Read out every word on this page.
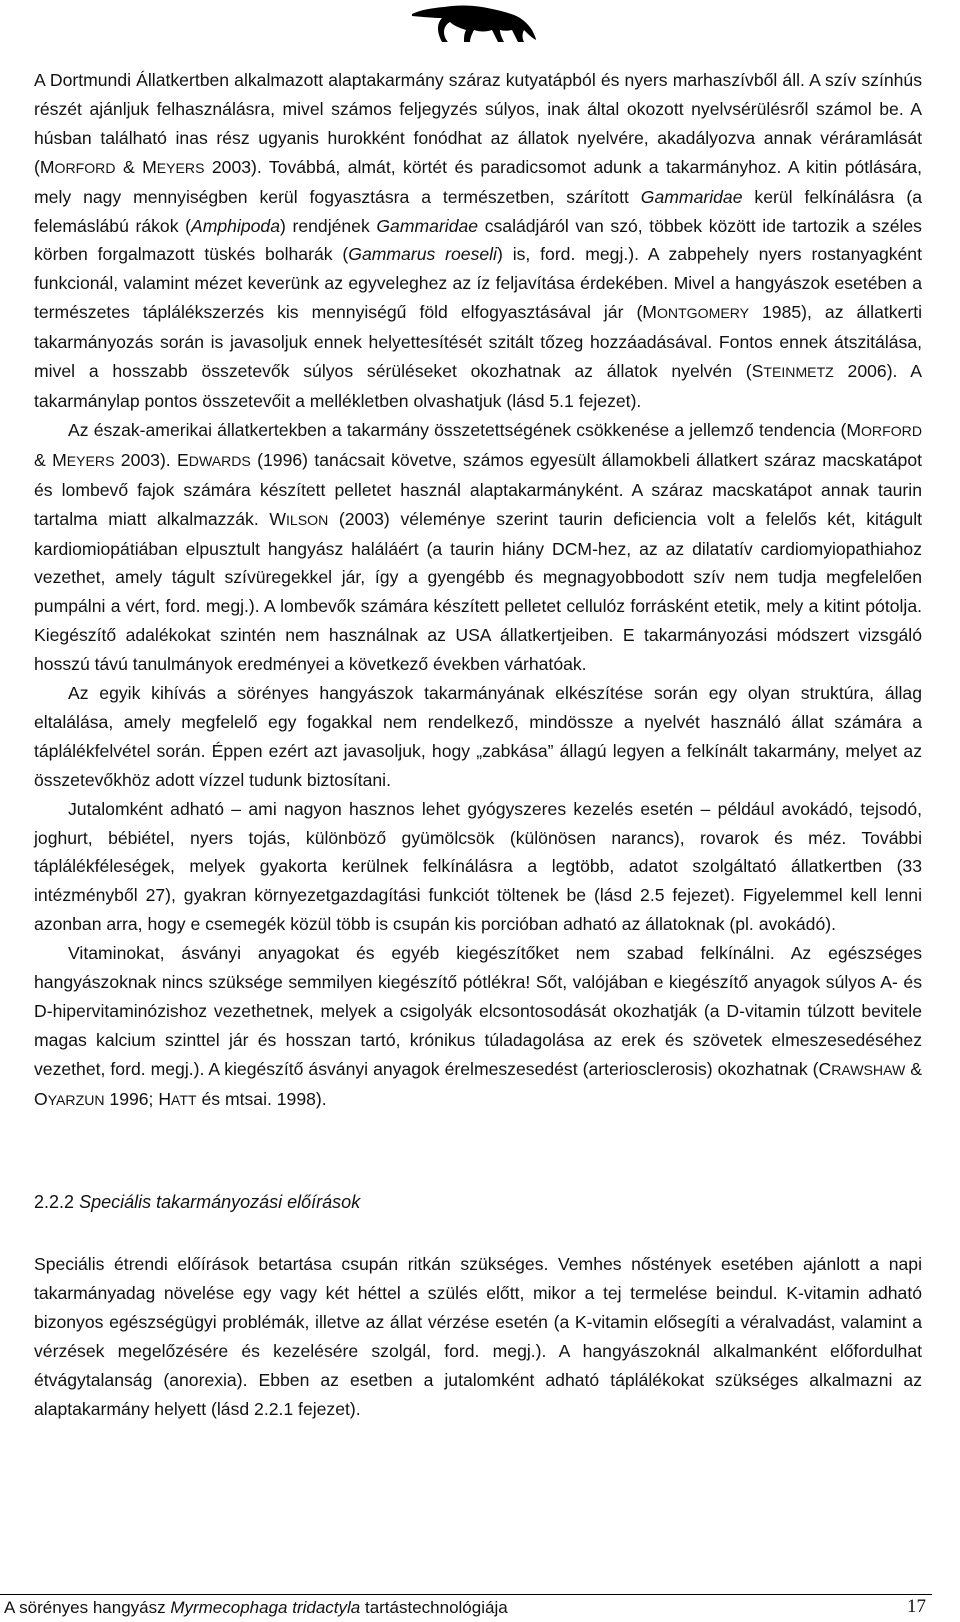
A Dortmundi Állatkertben alkalmazott alaptakarmány száraz kutyatápból és nyers marhaszívből áll. A szív színhús részét ajánljuk felhasználásra, mivel számos feljegyzés súlyos, inak által okozott nyelvsérülésről számol be. A húsban található inas rész ugyanis hurokként fonódhat az állatok nyelvére, akadályozva annak véráramlását (MORFORD & MEYERS 2003). Továbbá, almát, körtét és paradicsomot adunk a takarmányhoz. A kitin pótlására, mely nagy mennyiségben kerül fogyasztásra a természetben, szárított Gammaridae kerül felkínálásra (a felemáslábú rákok (Amphipoda) rendjének Gammaridae családjáról van szó, többek között ide tartozik a széles körben forgalmazott tüskés bolharák (Gammarus roeseli) is, ford. megj.). A zabpehely nyers rostanyagként funkcionál, valamint mézet keverünk az egyveleghez az íz feljavítása érdekében. Mivel a hangyászok esetében a természetes táplálékszerzés kis mennyiségű föld elfogyasztásával jár (MONTGOMERY 1985), az állatkerti takarmányozás során is javasoljuk ennek helyettesítését szitált tőzeg hozzáadásával. Fontos ennek átszitálása, mivel a hosszabb összetevők súlyos sérüléseket okozhatnak az állatok nyelvén (STEINMETZ 2006). A takarmánylap pontos összetevőit a mellékletben olvashatjuk (lásd 5.1 fejezet).

Az észak-amerikai állatkertekben a takarmány összetettségének csökkenése a jellemző tendencia (MORFORD & MEYERS 2003). EDWARDS (1996) tanácsait követve, számos egyesült államokbeli állatkert száraz macskatápot és lombevő fajok számára készített pelletet használ alaptakarmányként. A száraz macskatápot annak taurin tartalma miatt alkalmazzák. WILSON (2003) véleménye szerint taurin deficiencia volt a felelős két, kitágult kardiomiopátiában elpusztult hangyász haláláért (a taurin hiány DCM-hez, az az dilatatív cardiomyiopathiahoz vezethet, amely tágult szívüregekkel jár, így a gyengébb és megnagyobbodott szív nem tudja megfelelően pumpálni a vért, ford. megj.). A lombevők számára készített pelletet cellulóz forrásként etetik, mely a kitint pótolja. Kiegészítő adalékokat szintén nem használnak az USA állatkertjeiben. E takarmányozási módszert vizsgáló hosszú távú tanulmányok eredményei a következő években várhatóak.

Az egyik kihívás a sörényes hangyászok takarmányának elkészítése során egy olyan struktúra, állag eltalálása, amely megfelelő egy fogakkal nem rendelkező, mindössze a nyelvét használó állat számára a táplálékfelvétel során. Éppen ezért azt javasoljuk, hogy „zabkása” állagú legyen a felkínált takarmány, melyet az összetevőkhöz adott vízzel tudunk biztosítani.

Jutalomként adható – ami nagyon hasznos lehet gyógyszeres kezelés esetén – például avokádó, tejsodó, joghurt, bébiétel, nyers tojás, különböző gyümölcsök (különösen narancs), rovarok és méz. További táplálékféleségek, melyek gyakorta kerülnek felkínálásra a legtöbb, adatot szolgáltató állatkertben (33 intézményből 27), gyakran környezetgazdagítási funkciót töltenek be (lásd 2.5 fejezet). Figyelemmel kell lenni azonban arra, hogy e csemegék közül több is csupán kis porcióban adható az állatoknak (pl. avokádó).

Vitaminokat, ásványi anyagokat és egyéb kiegészítőket nem szabad felkínálni. Az egészséges hangyászoknak nincs szükségе semmilyen kiegészítő pótlékra! Sőt, valójában e kiegészítő anyagok súlyos A- és D-hipervitaminózishoz vezethetnek, melyek a csigolyák elcsontosodását okozhatják (a D-vitamin túlzott bevitele magas kalcium szinttel jár és hosszan tartó, krónikus túladagolása az erek és szövetek elmeszesedéséhez vezethet, ford. megj.). A kiegészítő ásványi anyagok érelmeszesedést (arteriosclerosis) okozhatnak (CRAWSHAW & OYARZUN 1996; HATT és mtsai. 1998).

2.2.2 Speciális takarmányozási előírások

Speciális étrendi előírások betartása csupán ritkán szükséges. Vemhes nőstények esetében ajánlott a napi takarmányadag növelése egy vagy két héttel a szülés előtt, mikor a tej termelése beindul. K-vitamin adható bizonyos egészségügyi problémák, illetve az állat vérzése esetén (a K-vitamin elősegíti a véralvadást, valamint a vérzések megelőzésére és kezelésére szolgál, ford. megj.). A hangyászoknál alkalmanként előfordulhat étvágytalanság (anorexia). Ebben az esetben a jutalomként adható táplálékokat szükséges alkalmazni az alaptakarmány helyett (lásd 2.2.1 fejezet).

A sörényes hangyász Myrmecophaga tridactyla tartástechnológiája	17
